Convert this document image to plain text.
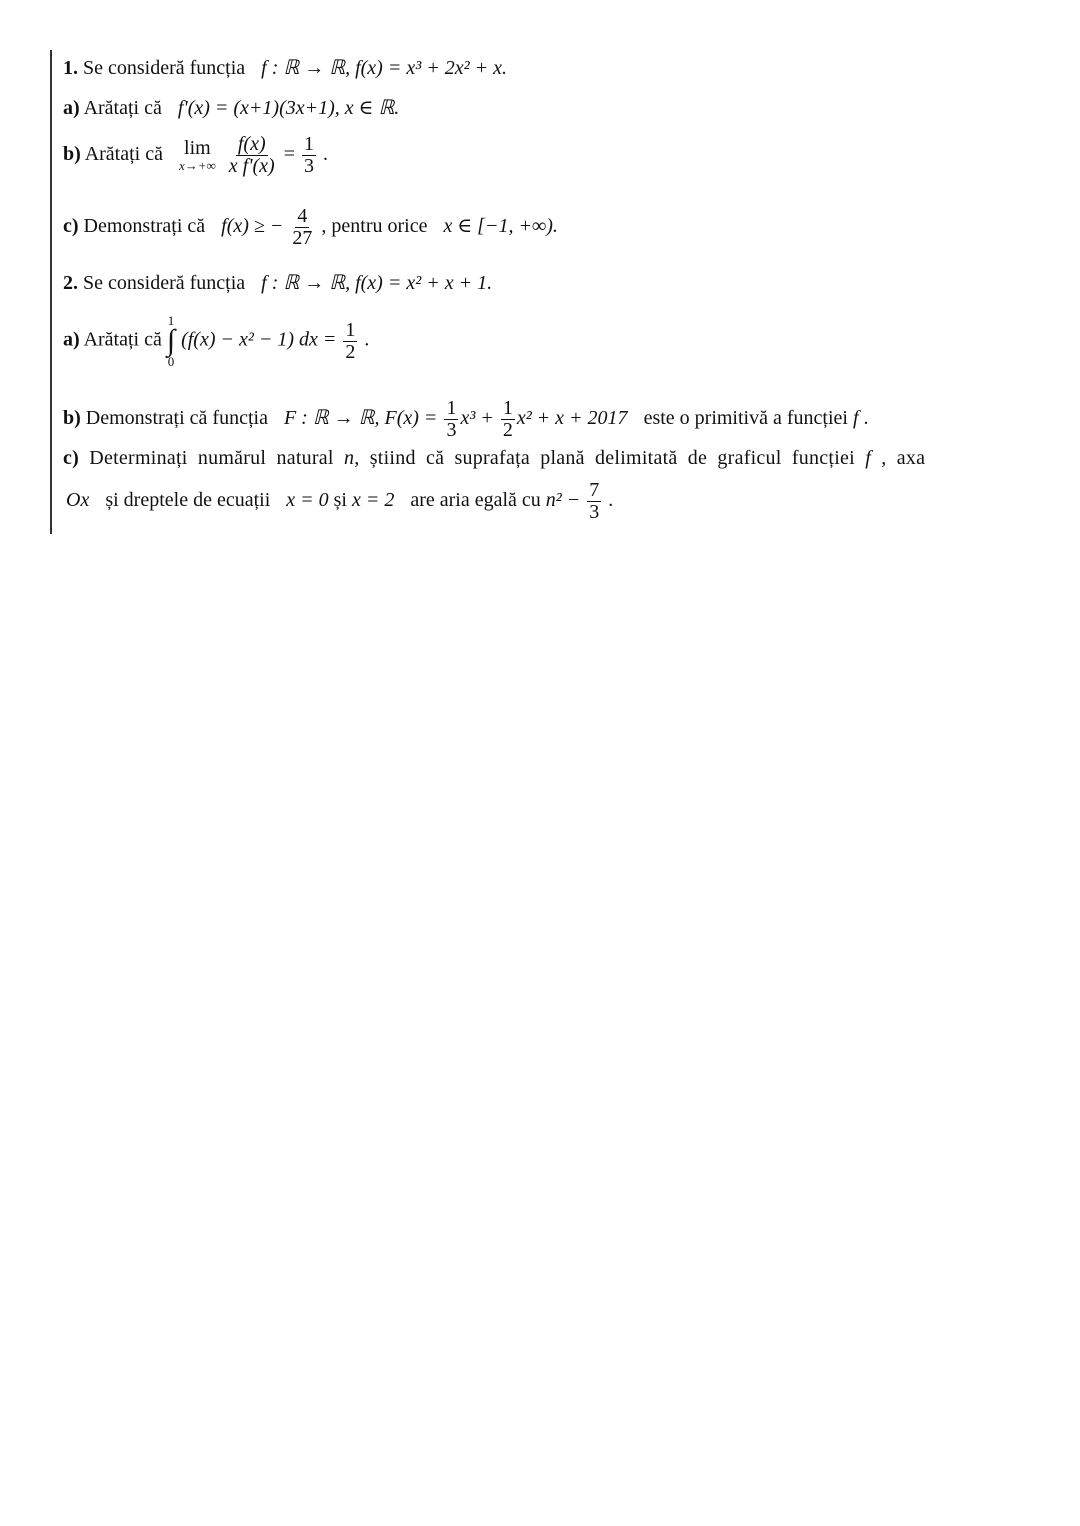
1. Se consideră funcția f : ℝ → ℝ, f(x) = x³ + 2x² + x.
a) Arătați că f'(x) = (x+1)(3x+1), x ∈ ℝ.
b) Arătați că lim
x→+∞
$\frac{f(x)}{\text{x f'(x)}} = \frac{1}{3}$ .
c) Demonstrați că f(x) ≥ − $\frac{4}{27}$ , pentru orice x ∈ [−1, +∞).
2. Se consideră funcția f : ℝ → ℝ, f(x) = x² + x + 1.
a) Arătați că
1
∫
0
(f(x) − x² − 1) dx = $\frac{1}{2}$ .
b) Demonstrați că funcția F : ℝ → ℝ, $F(x) = \frac{1}{3} x^3 + \frac{1}{2} x^2 + x + 2017$ este o primitivă a funcției f .
c) Determinați numărul natural n, știind că suprafața plană delimitată de graficul funcției f , axa
Ox și dreptele de ecuații x = 0 și x = 2 are aria egală cu $n^2 - \frac{7}{3}$ .
